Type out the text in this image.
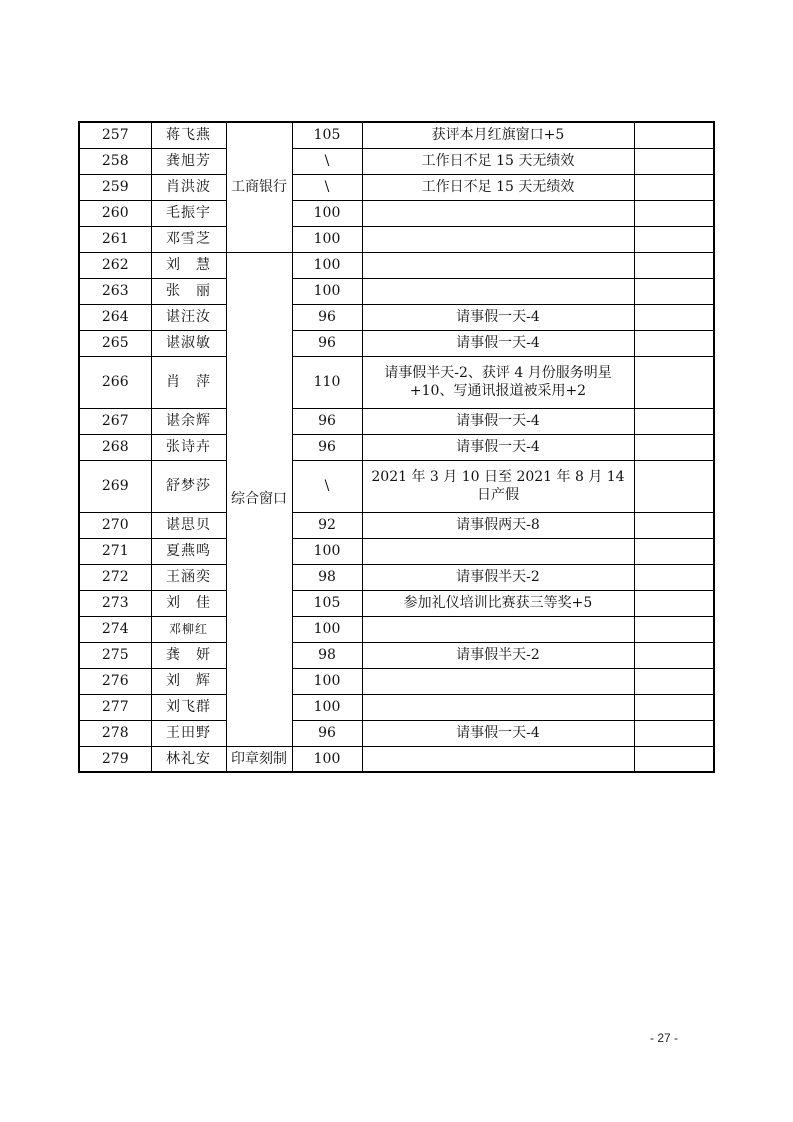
257	蒋飞燕	工商银行	105	获评本月红旗窗口+5	
258	龚旭芳		\	工作日不足 15 天无绩效	
259	肖洪波		\	工作日不足 15 天无绩效	
260	毛振宇		100		
261	邓雪芝		100		
262	刘　慧	综合窗口	100		
263	张　丽		100		
264	谌汪汝		96	请事假一天-4	
265	谌淑敏		96	请事假一天-4	
266	肖　萍		110	请事假半天-2、获评 4 月份服务明星+10、写通讯报道被采用+2	
267	谌余辉		96	请事假一天-4	
268	张诗卉		96	请事假一天-4	
269	舒梦莎		\	2021 年 3 月 10 日至 2021 年 8 月 14 日产假	
270	谌思贝		92	请事假两天-8	
271	夏燕鸣		100		
272	王涵奕		98	请事假半天-2	
273	刘　佳		105	参加礼仪培训比赛获三等奖+5	
274	邓柳红		100		
275	龚　妍		98	请事假半天-2	
276	刘　辉		100		
277	刘飞群		100		
278	王田野		96	请事假一天-4	
279	林礼安	印章刻制	100		
- 27 -
